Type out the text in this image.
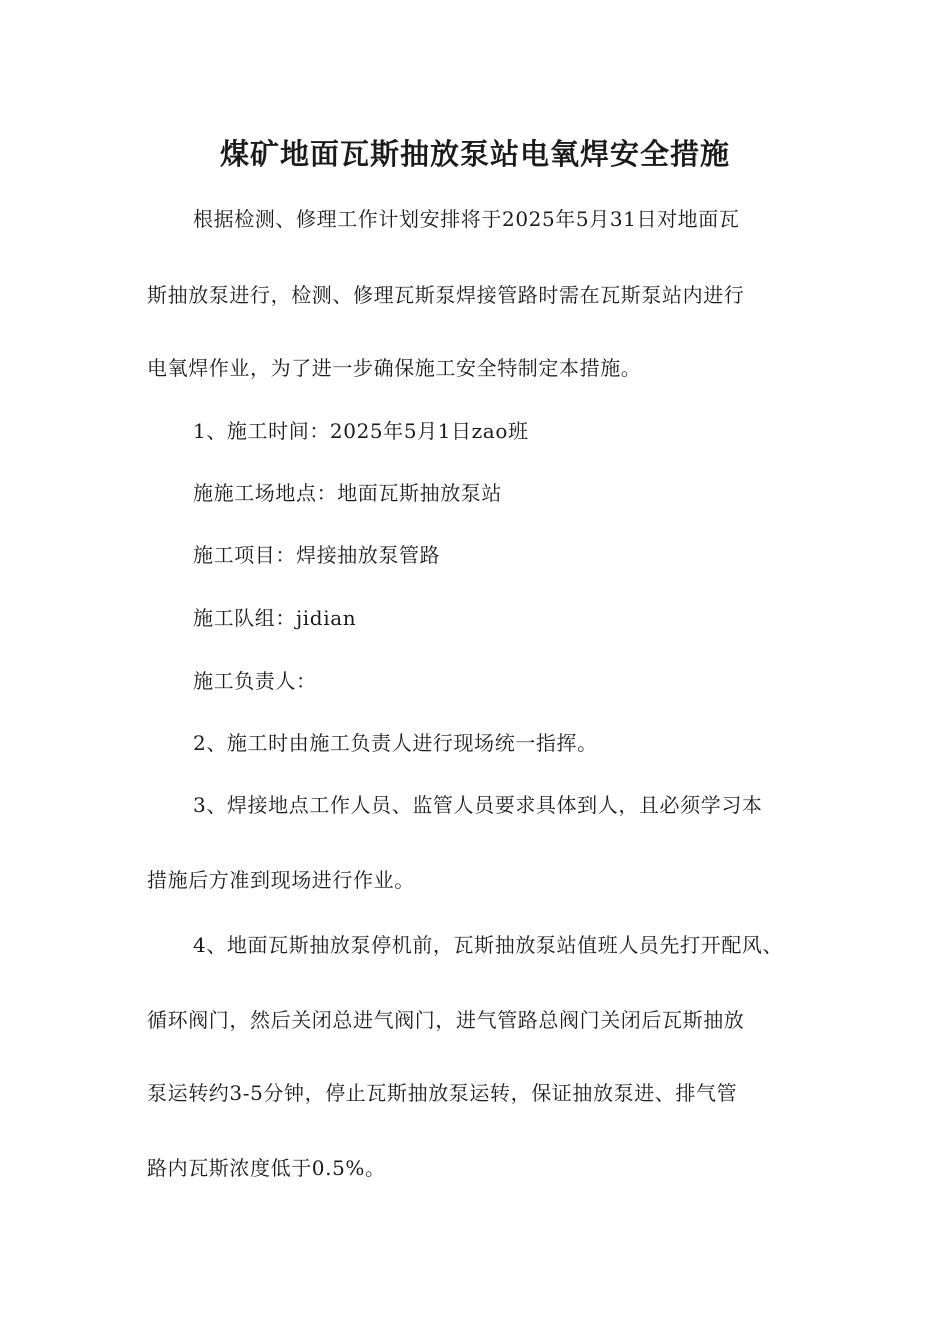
煤矿地面瓦斯抽放泵站电氧焊安全措施
根据检测、修理工作计划安排将于2025年5月31日对地面瓦
斯抽放泵进行，检测、修理瓦斯泵焊接管路时需在瓦斯泵站内进行
电氧焊作业，为了进一步确保施工安全特制定本措施。
1、施工时间：2025年5月1日zao班
施施工场地点：地面瓦斯抽放泵站
施工项目：焊接抽放泵管路
施工队组：jidian
施工负责人：
2、施工时由施工负责人进行现场统一指挥。
3、焊接地点工作人员、监管人员要求具体到人，且必须学习本
措施后方准到现场进行作业。
4、地面瓦斯抽放泵停机前，瓦斯抽放泵站值班人员先打开配风、
循环阀门，然后关闭总进气阀门，进气管路总阀门关闭后瓦斯抽放
泵运转约3-5分钟，停止瓦斯抽放泵运转，保证抽放泵进、排气管
路内瓦斯浓度低于0.5%。
